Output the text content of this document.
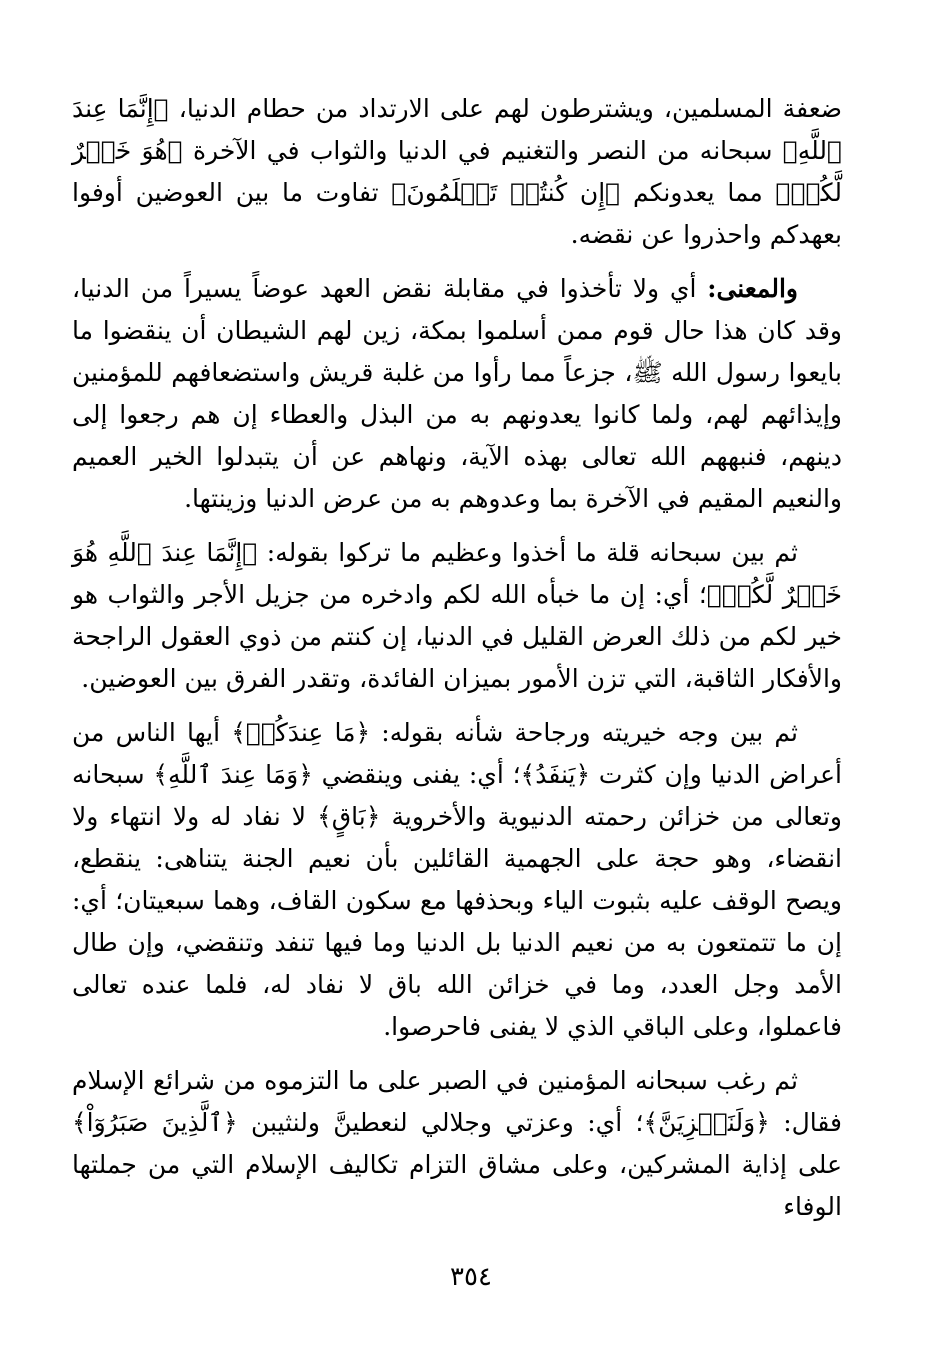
ضعفة المسلمين، ويشترطون لهم على الارتداد من حطام الدنيا، ﴿إِنَّمَا عِندَ ٱللَّهِ﴾ سبحانه من النصر والتغنيم في الدنيا والثواب في الآخرة ﴿هُوَ خَيۡرٌ لَّكُمۡ﴾ مما يعدونكم ﴿إِن كُنتُمۡ تَعۡلَمُونَ﴾ تفاوت ما بين العوضين أوفوا بعهدكم واحذروا عن نقضه.

والمعنى: أي ولا تأخذوا في مقابلة نقض العهد عوضاً يسيراً من الدنيا، وقد كان هذا حال قوم ممن أسلموا بمكة، زين لهم الشيطان أن ينقضوا ما بايعوا رسول الله ﷺ، جزعاً مما رأوا من غلبة قريش واستضعافهم للمؤمنين وإيذائهم لهم، ولما كانوا يعدونهم به من البذل والعطاء إن هم رجعوا إلى دينهم، فنبههم الله تعالى بهذه الآية، ونهاهم عن أن يتبدلوا الخير العميم والنعيم المقيم في الآخرة بما وعدوهم به من عرض الدنيا وزينتها.

ثم بين سبحانه قلة ما أخذوا وعظيم ما تركوا بقوله: ﴿إِنَّمَا عِندَ ٱللَّهِ هُوَ خَيۡرٌ لَّكُمۡ﴾؛ أي: إن ما خبأه الله لكم وادخره من جزيل الأجر والثواب هو خير لكم من ذلك العرض القليل في الدنيا، إن كنتم من ذوي العقول الراجحة والأفكار الثاقبة، التي تزن الأمور بميزان الفائدة، وتقدر الفرق بين العوضين.

ثم بين وجه خيريته ورجاحة شأنه بقوله: ﴿مَا عِندَكُمۡ﴾ أيها الناس من أعراض الدنيا وإن كثرت ﴿يَنفَدُ﴾؛ أي: يفنى وينقضي ﴿وَمَا عِندَ ٱللَّهِ﴾ سبحانه وتعالى من خزائن رحمته الدنيوية والأخروية ﴿بَاقٍ﴾ لا نفاد له ولا انتهاء ولا انقضاء، وهو حجة على الجهمية القائلين بأن نعيم الجنة يتناهى: ينقطع، ويصح الوقف عليه بثبوت الياء وبحذفها مع سكون القاف، وهما سبعيتان؛ أي: إن ما تتمتعون به من نعيم الدنيا بل الدنيا وما فيها تنفد وتنقضي، وإن طال الأمد وجل العدد، وما في خزائن الله باق لا نفاد له، فلما عنده تعالى فاعملوا، وعلى الباقي الذي لا يفنى فاحرصوا.

ثم رغب سبحانه المؤمنين في الصبر على ما التزموه من شرائع الإسلام فقال: ﴿وَلَنَجۡزِيَنَّ﴾؛ أي: وعزتي وجلالي لنعطينَّ ولنثيبن ﴿ٱلَّذِينَ صَبَرُوٓاْ﴾ على إذاية المشركين، وعلى مشاق التزام تكاليف الإسلام التي من جملتها الوفاء

٣٥٤
